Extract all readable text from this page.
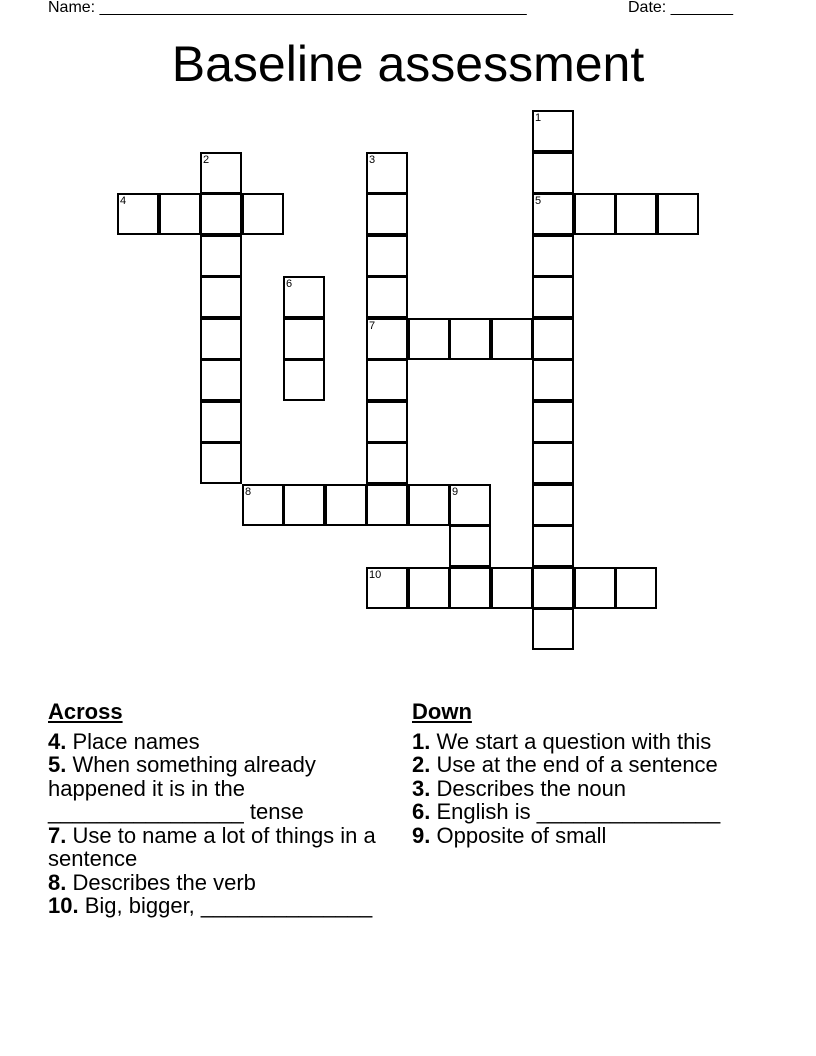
Name: ________________________________________________	Date: _______
Baseline assessment
1
2	3
4	5
6
7
8	9
10
Across
4. Place names
5. When something already happened it is in the ________________ tense
7. Use to name a lot of things in a sentence
8. Describes the verb
10. Big, bigger, ______________
Down
1. We start a question with this
2. Use at the end of a sentence
3. Describes the noun
6. English is _______________
9. Opposite of small
